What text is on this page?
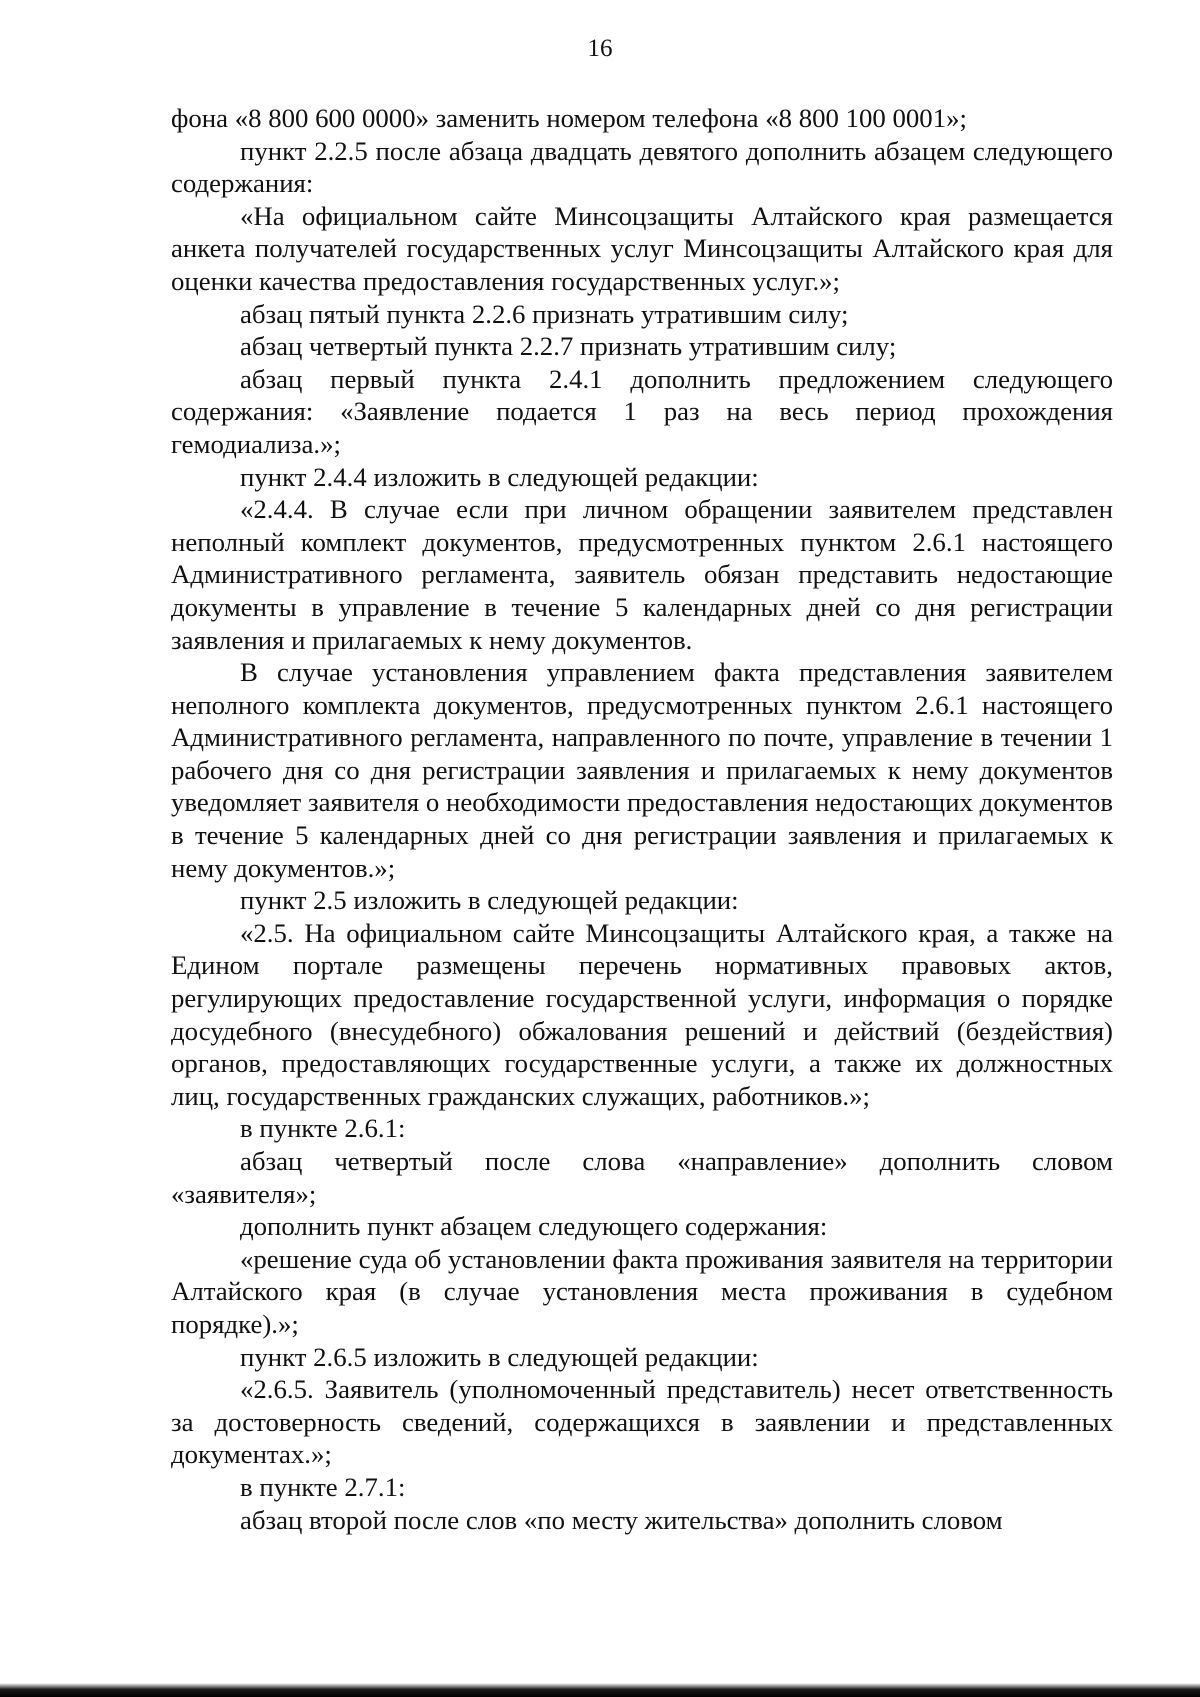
16

фона «8 800 600 0000» заменить номером телефона «8 800 100 0001»;

пункт 2.2.5 после абзаца двадцать девятого дополнить абзацем следующего содержания:

«На официальном сайте Минсоцзащиты Алтайского края размещается анкета получателей государственных услуг Минсоцзащиты Алтайского края для оценки качества предоставления государственных услуг.»;

абзац пятый пункта 2.2.6 признать утратившим силу;

абзац четвертый пункта 2.2.7 признать утратившим силу;

абзац первый пункта 2.4.1 дополнить предложением следующего содержания: «Заявление подается 1 раз на весь период прохождения гемодиализа.»;

пункт 2.4.4 изложить в следующей редакции:

«2.4.4. В случае если при личном обращении заявителем представлен неполный комплект документов, предусмотренных пунктом 2.6.1 настоящего Административного регламента, заявитель обязан представить недостающие документы в управление в течение 5 календарных дней со дня регистрации заявления и прилагаемых к нему документов.

В случае установления управлением факта представления заявителем неполного комплекта документов, предусмотренных пунктом 2.6.1 настоящего Административного регламента, направленного по почте, управление в течении 1 рабочего дня со дня регистрации заявления и прилагаемых к нему документов уведомляет заявителя о необходимости предоставления недостающих документов в течение 5 календарных дней со дня регистрации заявления и прилагаемых к нему документов.»;

пункт 2.5 изложить в следующей редакции:

«2.5. На официальном сайте Минсоцзащиты Алтайского края, а также на Едином портале размещены перечень нормативных правовых актов, регулирующих предоставление государственной услуги, информация о порядке досудебного (внесудебного) обжалования решений и действий (бездействия) органов, предоставляющих государственные услуги, а также их должностных лиц, государственных гражданских служащих, работников.»;

в пункте 2.6.1:

абзац четвертый после слова «направление» дополнить словом «заявителя»;

дополнить пункт абзацем следующего содержания:

«решение суда об установлении факта проживания заявителя на территории Алтайского края (в случае установления места проживания в судебном порядке).»;

пункт 2.6.5 изложить в следующей редакции:

«2.6.5. Заявитель (уполномоченный представитель) несет ответственность за достоверность сведений, содержащихся в заявлении и представленных документах.»;

в пункте 2.7.1:

абзац второй после слов «по месту жительства» дополнить словом
